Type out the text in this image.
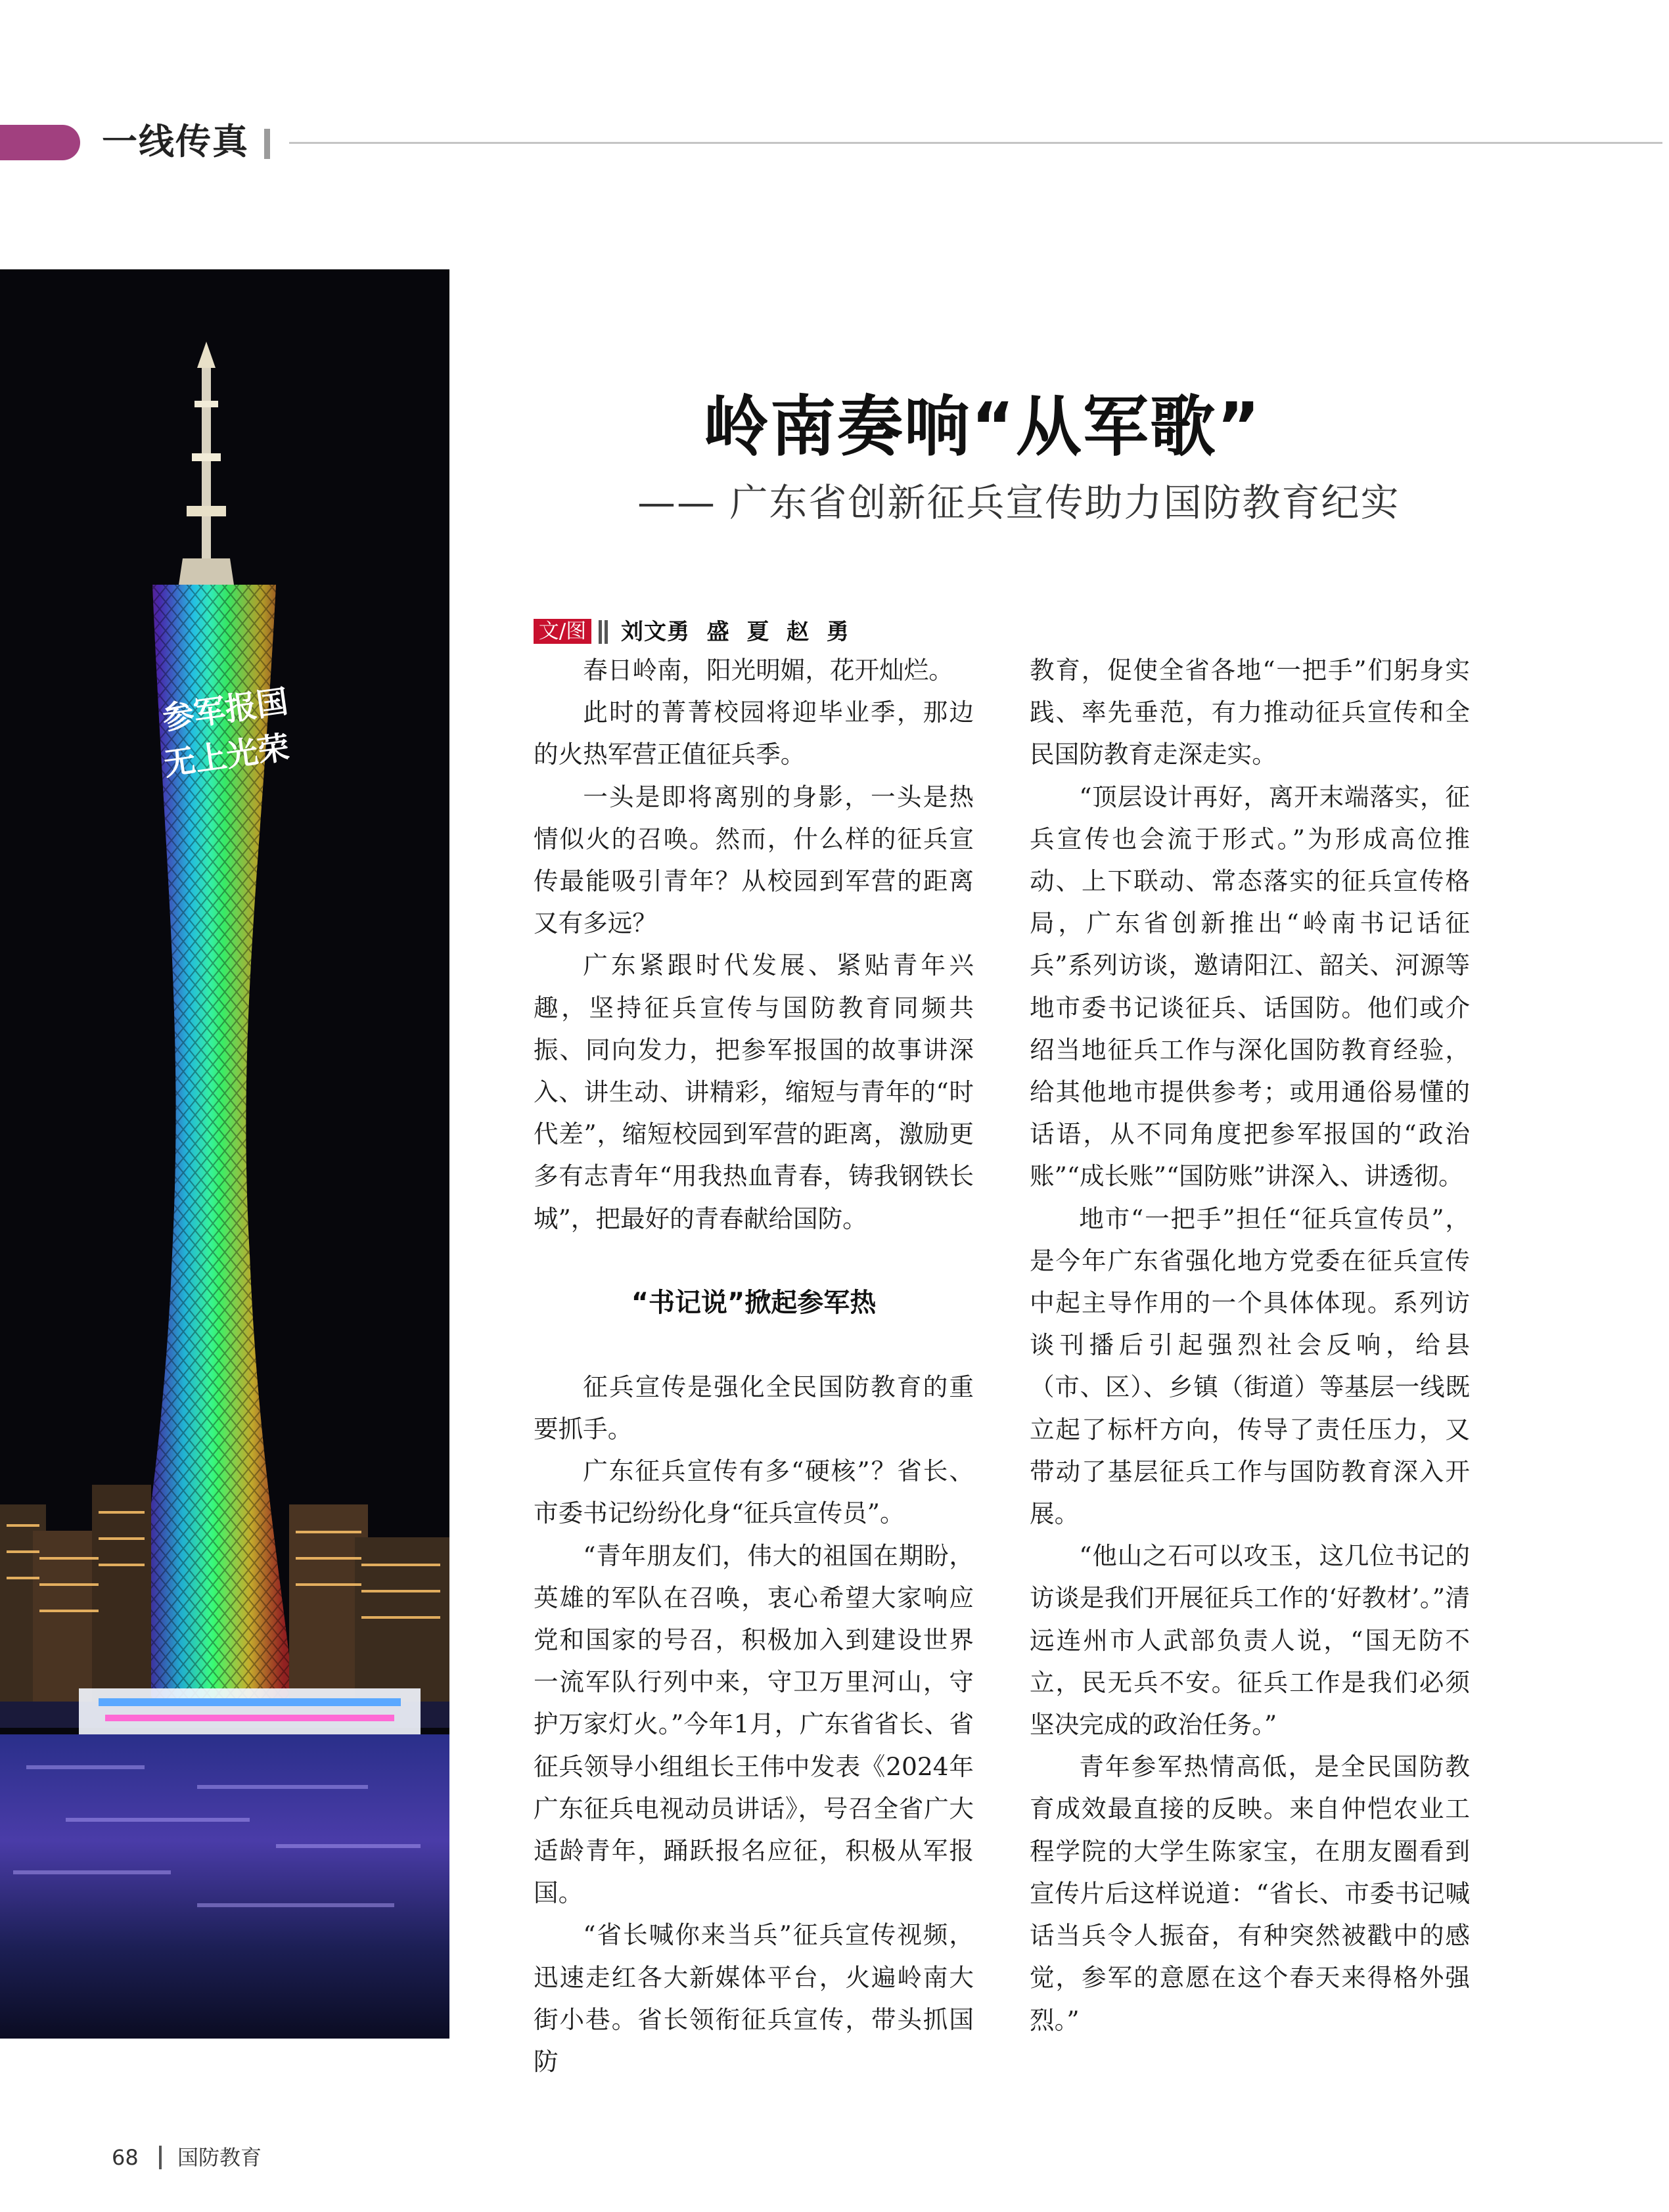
一线传真
参军报国
无上光荣
岭南奏响“从军歌”
—— 广东省创新征兵宣传助力国防教育纪实
文/图 刘文勇  盛  夏  赵  勇

春日岭南，阳光明媚，花开灿烂。

此时的菁菁校园将迎毕业季，那边的火热军营正值征兵季。

一头是即将离别的身影，一头是热情似火的召唤。然而，什么样的征兵宣传最能吸引青年？从校园到军营的距离又有多远？

广东紧跟时代发展、紧贴青年兴趣，坚持征兵宣传与国防教育同频共振、同向发力，把参军报国的故事讲深入、讲生动、讲精彩，缩短与青年的“时代差”，缩短校园到军营的距离，激励更多有志青年“用我热血青春，铸我钢铁长城”，把最好的青春献给国防。

“书记说”掀起参军热

征兵宣传是强化全民国防教育的重要抓手。

广东征兵宣传有多“硬核”？省长、市委书记纷纷化身“征兵宣传员”。

“青年朋友们，伟大的祖国在期盼，英雄的军队在召唤，衷心希望大家响应党和国家的号召，积极加入到建设世界一流军队行列中来，守卫万里河山，守护万家灯火。”今年1月，广东省省长、省征兵领导小组组长王伟中发表《2024年广东征兵电视动员讲话》，号召全省广大适龄青年，踊跃报名应征，积极从军报国。

“省长喊你来当兵”征兵宣传视频，迅速走红各大新媒体平台，火遍岭南大街小巷。省长领衔征兵宣传，带头抓国防

教育，促使全省各地“一把手”们躬身实践、率先垂范，有力推动征兵宣传和全民国防教育走深走实。

“顶层设计再好，离开末端落实，征兵宣传也会流于形式。”为形成高位推动、上下联动、常态落实的征兵宣传格局，广东省创新推出“岭南书记话征兵”系列访谈，邀请阳江、韶关、河源等地市委书记谈征兵、话国防。他们或介绍当地征兵工作与深化国防教育经验，给其他地市提供参考；或用通俗易懂的话语，从不同角度把参军报国的“政治账”“成长账”“国防账”讲深入、讲透彻。

地市“一把手”担任“征兵宣传员”，是今年广东省强化地方党委在征兵宣传中起主导作用的一个具体体现。系列访谈刊播后引起强烈社会反响，给县（市、区）、乡镇（街道）等基层一线既立起了标杆方向，传导了责任压力，又带动了基层征兵工作与国防教育深入开展。

“他山之石可以攻玉，这几位书记的访谈是我们开展征兵工作的‘好教材’。”清远连州市人武部负责人说，“国无防不立，民无兵不安。征兵工作是我们必须坚决完成的政治任务。”

青年参军热情高低，是全民国防教育成效最直接的反映。来自仲恺农业工程学院的大学生陈家宝，在朋友圈看到宣传片后这样说道：“省长、市委书记喊话当兵令人振奋，有种突然被戳中的感觉，参军的意愿在这个春天来得格外强烈。”

68 国防教育
